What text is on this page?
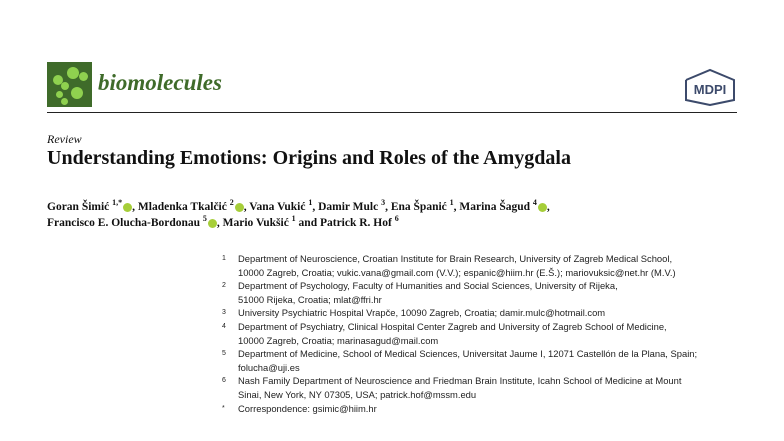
biomolecules	MDPI
Review
Understanding Emotions: Origins and Roles of the Amygdala
Goran Šimić $^{1,*}$ , Mladenka Tkalčić $^2$ , Vana Vukić $^1$, Damir Mulc $^3$, Ena Španić $^1$, Marina Šagud $^4$ ,
Francisco E. Olucha-Bordonau $^5$ , Mario Vukšić $^1$ and Patrick R. Hof $^6$
1	Department of Neuroscience, Croatian Institute for Brain Research, University of Zagreb Medical School,
10000 Zagreb, Croatia; vukic.vana@gmail.com (V.V.); espanic@hiim.hr (E.Š.); mariovuksic@net.hr (M.V.)
2	Department of Psychology, Faculty of Humanities and Social Sciences, University of Rijeka,
51000 Rijeka, Croatia; mlat@ffri.hr
3	University Psychiatric Hospital Vrapče, 10090 Zagreb, Croatia; damir.mulc@hotmail.com
4	Department of Psychiatry, Clinical Hospital Center Zagreb and University of Zagreb School of Medicine,
10000 Zagreb, Croatia; marinasagud@mail.com
5	Department of Medicine, School of Medical Sciences, Universitat Jaume I, 12071 Castellón de la Plana, Spain;
folucha@uji.es
6	Nash Family Department of Neuroscience and Friedman Brain Institute, Icahn School of Medicine at Mount
Sinai, New York, NY 07305, USA; patrick.hof@mssm.edu
*	Correspondence: gsimic@hiim.hr
